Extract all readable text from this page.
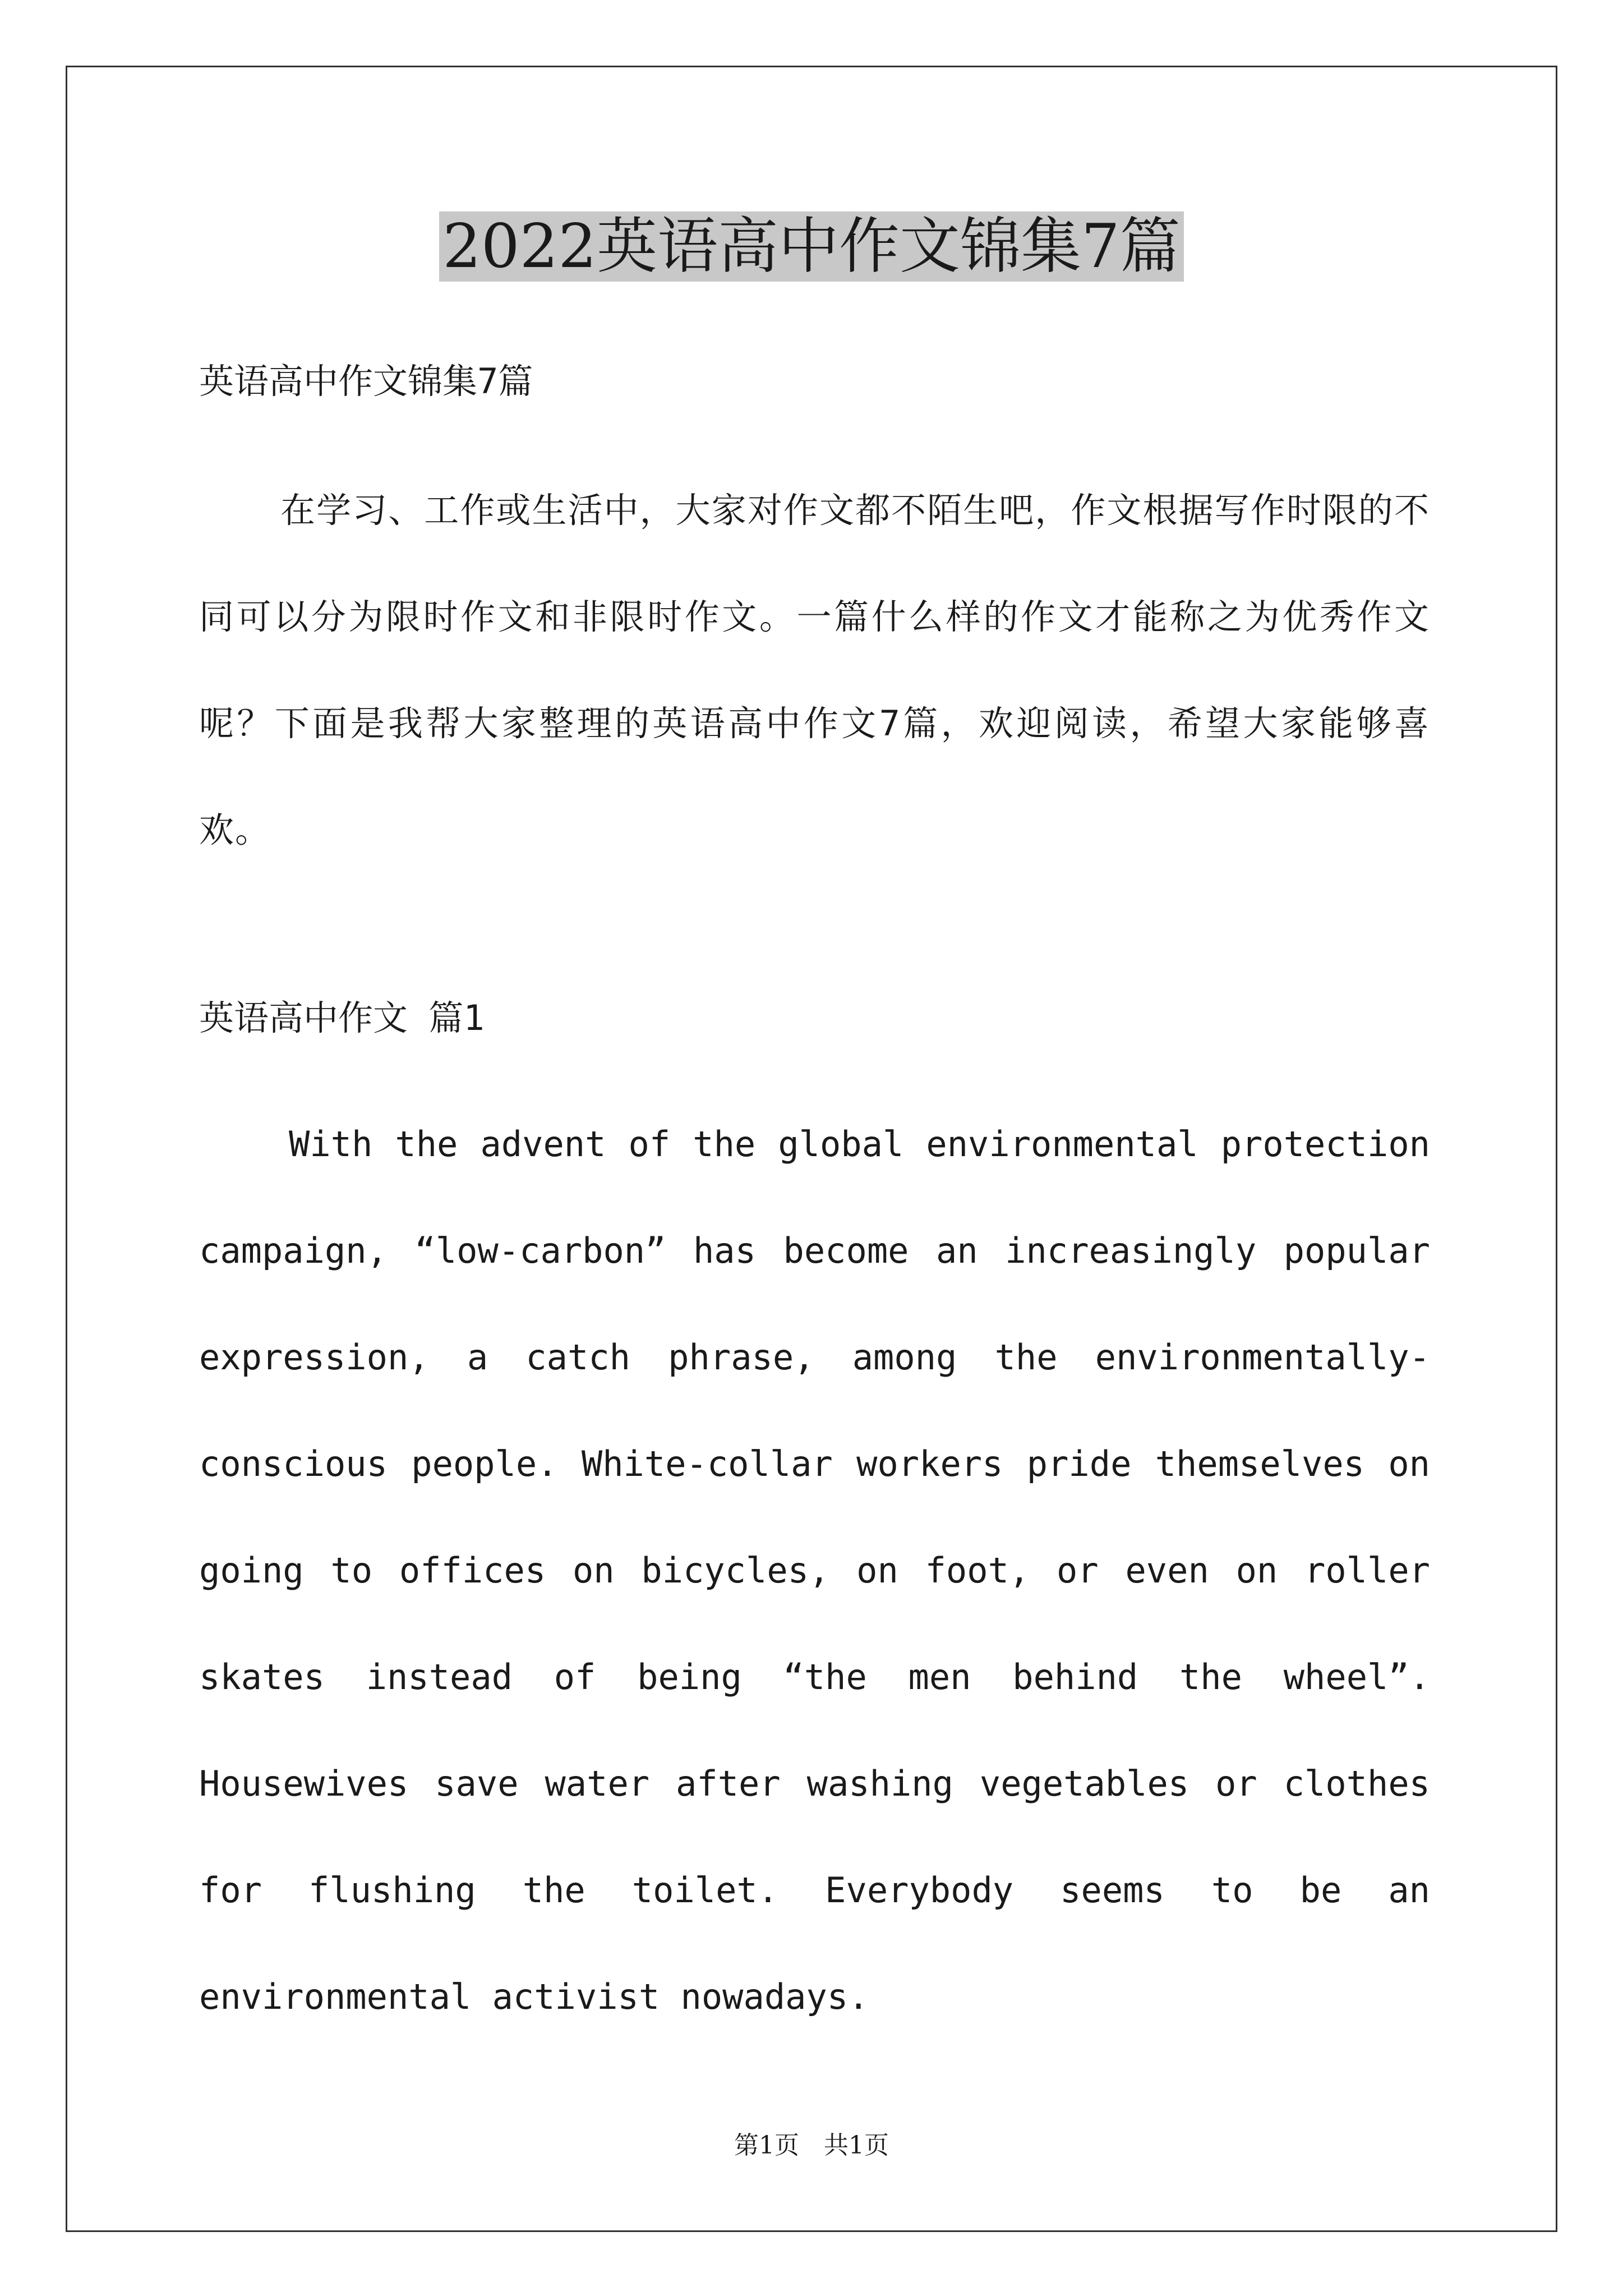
2022英语高中作文锦集7篇
英语高中作文锦集7篇
在学习、工作或生活中，大家对作文都不陌生吧，作文根据写作时限的不同可以分为限时作文和非限时作文。一篇什么样的作文才能称之为优秀作文呢？下面是我帮大家整理的英语高中作文7篇，欢迎阅读，希望大家能够喜欢。
英语高中作文 篇1
With the advent of the global environmental protection campaign, “low-carbon” has become an increasingly popular expression, a catch phrase, among the environmentally-conscious people. White-collar workers pride themselves on going to offices on bicycles, on foot, or even on roller skates instead of being “the men behind the wheel”. Housewives save water after washing vegetables or clothes for flushing the toilet. Everybody seems to be an environmental activist nowadays.
第1页　共1页
